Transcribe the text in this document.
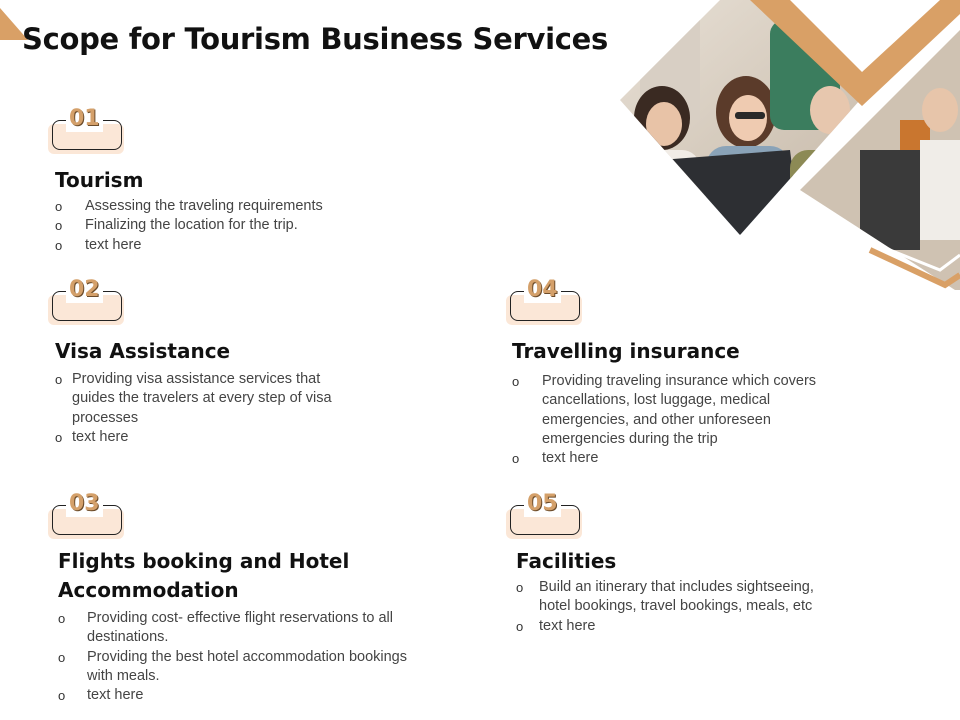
Scope for Tourism Business Services
01
Tourism
o Assessing the traveling requirements
o Finalizing the location for the trip.
o text here
02
Visa Assistance
o Providing visa assistance services that guides the travelers at every step of visa processes
o text here
03
Flights booking and Hotel Accommodation
o Providing cost- effective flight reservations to all destinations.
o Providing the best hotel accommodation bookings with meals.
o text here
04
Travelling insurance
o Providing traveling insurance which covers cancellations, lost luggage, medical emergencies, and other unforeseen emergencies during the trip
o text here
05
Facilities
o Build an itinerary that includes sightseeing, hotel bookings, travel bookings, meals, etc
o text here
